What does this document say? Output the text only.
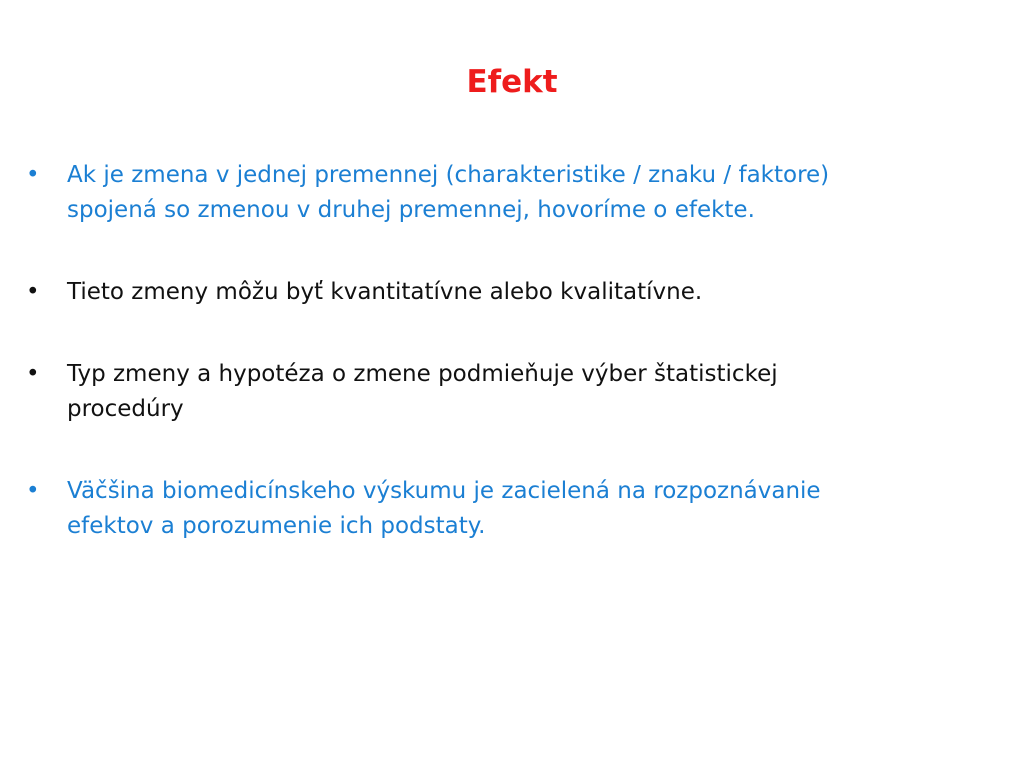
Efekt
• Ak je zmena v jednej premennej (charakteristike / znaku / faktore)
spojená so zmenou v druhej premennej, hovoríme o efekte.
• Tieto zmeny môžu byť kvantitatívne alebo kvalitatívne.
• Typ zmeny a hypotéza o zmene podmieňuje výber štatistickej
procedúry
• Väčšina biomedicínskeho výskumu je zacielená na rozpoznávanie
efektov a porozumenie ich podstaty.
